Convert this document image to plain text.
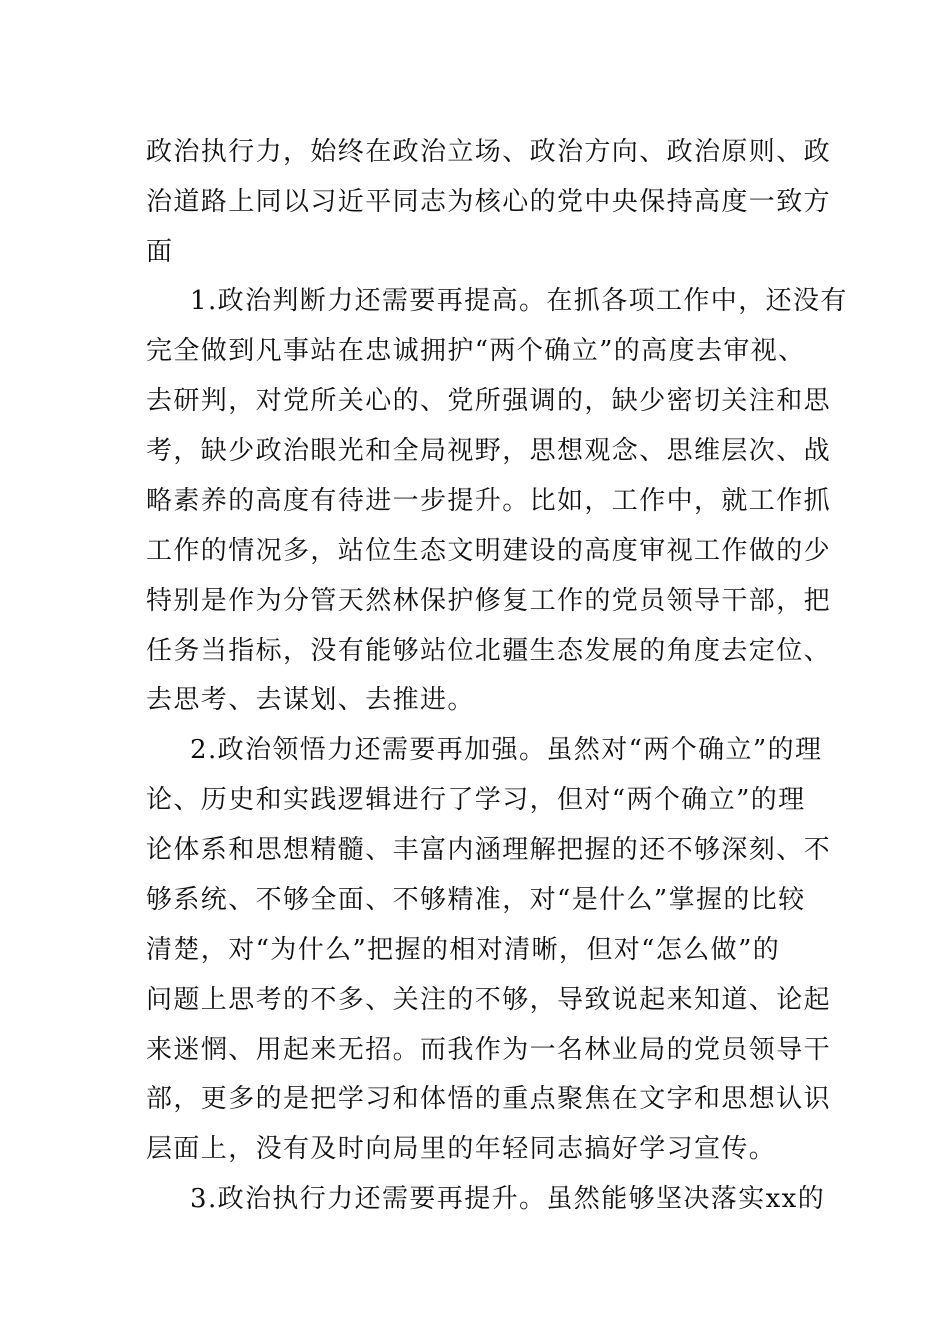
政治执行力，始终在政治立场、政治方向、政治原则、政
治道路上同以习近平同志为核心的党中央保持高度一致方
面
1.政治判断力还需要再提高。在抓各项工作中，还没有
完全做到凡事站在忠诚拥护“两个确立”的高度去审视、
去研判，对党所关心的、党所强调的，缺少密切关注和思
考，缺少政治眼光和全局视野，思想观念、思维层次、战
略素养的高度有待进一步提升。比如，工作中，就工作抓
工作的情况多，站位生态文明建设的高度审视工作做的少
特别是作为分管天然林保护修复工作的党员领导干部，把
任务当指标，没有能够站位北疆生态发展的角度去定位、
去思考、去谋划、去推进。
2.政治领悟力还需要再加强。虽然对“两个确立”的理
论、历史和实践逻辑进行了学习，但对“两个确立”的理
论体系和思想精髓、丰富内涵理解把握的还不够深刻、不
够系统、不够全面、不够精准，对“是什么”掌握的比较
清楚，对“为什么”把握的相对清晰，但对“怎么做”的
问题上思考的不多、关注的不够，导致说起来知道、论起
来迷惘、用起来无招。而我作为一名林业局的党员领导干
部，更多的是把学习和体悟的重点聚焦在文字和思想认识
层面上，没有及时向局里的年轻同志搞好学习宣传。
3.政治执行力还需要再提升。虽然能够坚决落实xx的
